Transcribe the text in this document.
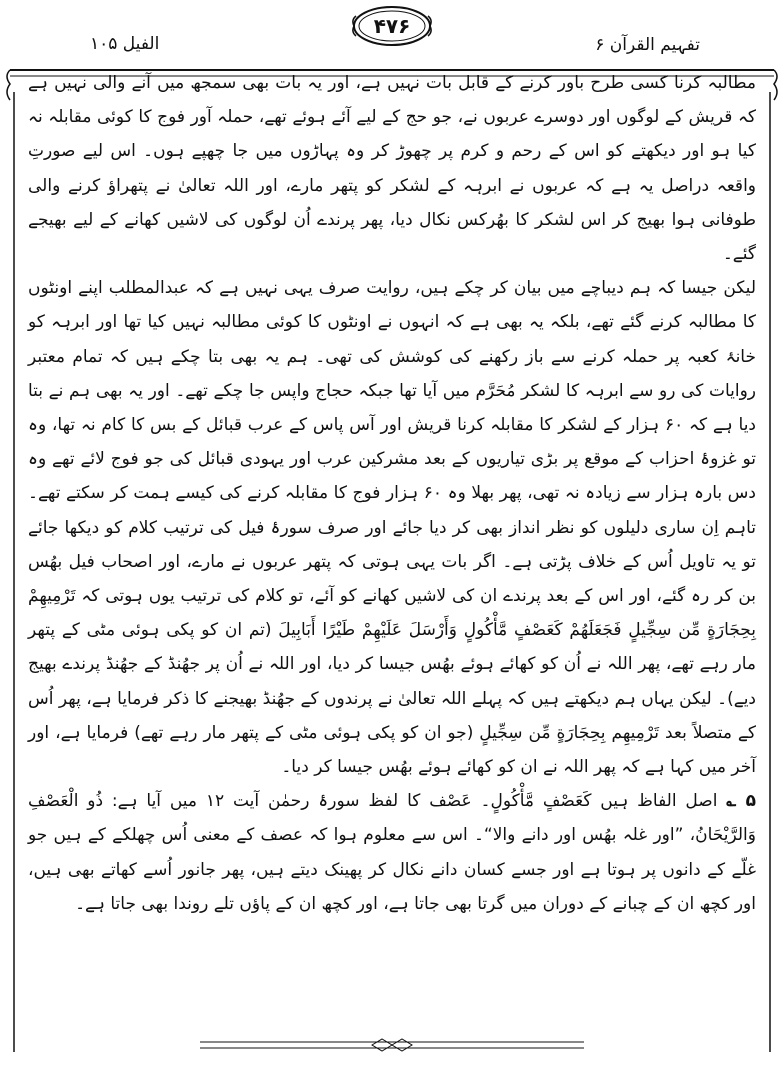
الفیل ۱۰۵
۴۷۶
تفہیم القرآن ۶

مطالبہ کرنا کسی طرح باور کرنے کے قابل بات نہیں ہے، اور یہ بات بھی سمجھ میں آنے والی نہیں ہے کہ قریش کے لوگوں اور دوسرے عربوں نے، جو حج کے لیے آئے ہوئے تھے، حملہ آور فوج کا کوئی مقابلہ نہ کیا ہو اور دیکھتے کو اس کے رحم و کرم پر چھوڑ کر وہ پہاڑوں میں جا چھپے ہوں۔ اس لیے صورتِ واقعہ دراصل یہ ہے کہ عربوں نے ابرہہ کے لشکر کو پتھر مارے، اور اللہ تعالیٰ نے پتھراؤ کرنے والی طوفانی ہوا بھیج کر اس لشکر کا بھُرکس نکال دیا، پھر پرندے اُن لوگوں کی لاشیں کھانے کے لیے بھیجے گئے۔

لیکن جیسا کہ ہم دیباچے میں بیان کر چکے ہیں، روایت صرف یہی نہیں ہے کہ عبدالمطلب اپنے اونٹوں کا مطالبہ کرنے گئے تھے، بلکہ یہ بھی ہے کہ انہوں نے اونٹوں کا کوئی مطالبہ نہیں کیا تھا اور ابرہہ کو خانۂ کعبہ پر حملہ کرنے سے باز رکھنے کی کوشش کی تھی۔ ہم یہ بھی بتا چکے ہیں کہ تمام معتبر روایات کی رو سے ابرہہ کا لشکر مُحَرَّم میں آیا تھا جبکہ حجاج واپس جا چکے تھے۔ اور یہ بھی ہم نے بتا دیا ہے کہ ۶۰ ہزار کے لشکر کا مقابلہ کرنا قریش اور آس پاس کے عرب قبائل کے بس کا کام نہ تھا، وہ تو غزوۂ احزاب کے موقع پر بڑی تیاریوں کے بعد مشرکین عرب اور یہودی قبائل کی جو فوج لائے تھے وہ دس بارہ ہزار سے زیادہ نہ تھی، پھر بھلا وہ ۶۰ ہزار فوج کا مقابلہ کرنے کی کیسے ہمت کر سکتے تھے۔ تاہم اِن ساری دلیلوں کو نظر انداز بھی کر دیا جائے اور صرف سورۂ فیل کی ترتیب کلام کو دیکھا جائے تو یہ تاویل اُس کے خلاف پڑتی ہے۔ اگر بات یہی ہوتی کہ پتھر عربوں نے مارے، اور اصحاب فیل بھُس بن کر رہ گئے، اور اس کے بعد پرندے ان کی لاشیں کھانے کو آئے، تو کلام کی ترتیب یوں ہوتی کہ تَرْمِيهِمْ بِحِجَارَةٍ مِّن سِجِّيلٍ فَجَعَلَهُمْ كَعَصْفٍ مَّأْكُولٍ وَأَرْسَلَ عَلَيْهِمْ طَيْرًا أَبَابِيلَ (تم ان کو پکی ہوئی مٹی کے پتھر مار رہے تھے، پھر اللہ نے اُن کو کھائے ہوئے بھُس جیسا کر دیا، اور اللہ نے اُن پر جھُنڈ کے جھُنڈ پرندے بھیج دیے)۔ لیکن یہاں ہم دیکھتے ہیں کہ پہلے اللہ تعالیٰ نے پرندوں کے جھُنڈ بھیجنے کا ذکر فرمایا ہے، پھر اُس کے متصلاً بعد تَرْمِيهِم بِحِجَارَةٍ مِّن سِجِّيلٍ (جو ان کو پکی ہوئی مٹی کے پتھر مار رہے تھے) فرمایا ہے، اور آخر میں کہا ہے کہ پھر اللہ نے ان کو کھائے ہوئے بھُس جیسا کر دیا۔

۵ ؎ اصل الفاظ ہیں كَعَصْفٍ مَّأْكُولٍ۔ عَصْف کا لفظ سورۂ رحمٰن آیت ۱۲ میں آیا ہے: ذُو الْعَصْفِ وَالرَّيْحَانُ، ”اور غلہ بھُس اور دانے والا“۔ اس سے معلوم ہوا کہ عصف کے معنی اُس چھلکے کے ہیں جو غلّے کے دانوں پر ہوتا ہے اور جسے کسان دانے نکال کر پھینک دیتے ہیں، پھر جانور اُسے کھاتے بھی ہیں، اور کچھ ان کے چبانے کے دوران میں گرتا بھی جاتا ہے، اور کچھ ان کے پاؤں تلے روندا بھی جاتا ہے۔
